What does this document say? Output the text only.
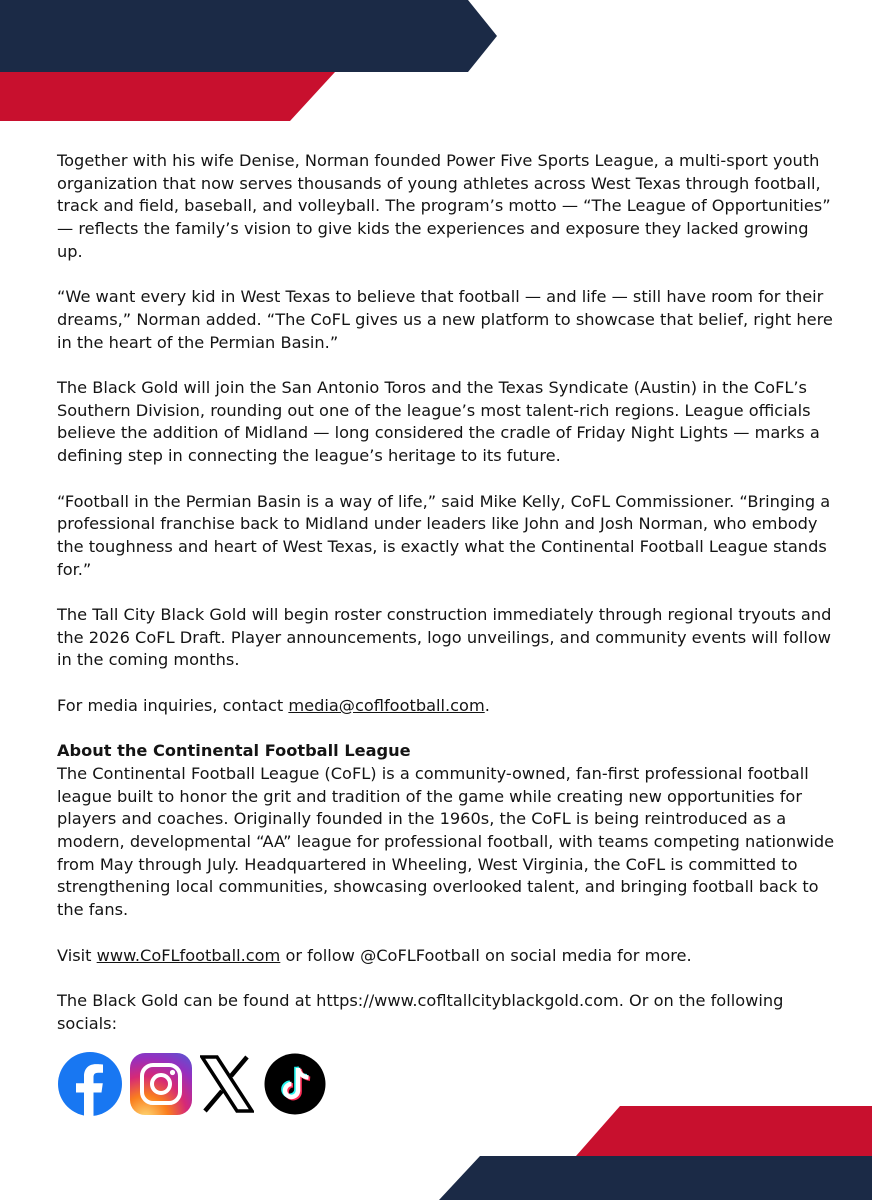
Together with his wife Denise, Norman founded Power Five Sports League, a multi-sport youth organization that now serves thousands of young athletes across West Texas through football, track and field, baseball, and volleyball. The program’s motto — “The League of Opportunities” — reflects the family’s vision to give kids the experiences and exposure they lacked growing up.

“We want every kid in West Texas to believe that football — and life — still have room for their dreams,” Norman added. “The CoFL gives us a new platform to showcase that belief, right here in the heart of the Permian Basin.”

The Black Gold will join the San Antonio Toros and the Texas Syndicate (Austin) in the CoFL’s Southern Division, rounding out one of the league’s most talent-rich regions. League officials believe the addition of Midland — long considered the cradle of Friday Night Lights — marks a defining step in connecting the league’s heritage to its future.

“Football in the Permian Basin is a way of life,” said Mike Kelly, CoFL Commissioner. “Bringing a professional franchise back to Midland under leaders like John and Josh Norman, who embody the toughness and heart of West Texas, is exactly what the Continental Football League stands for.”

The Tall City Black Gold will begin roster construction immediately through regional tryouts and the 2026 CoFL Draft. Player announcements, logo unveilings, and community events will follow in the coming months.

For media inquiries, contact media@coflfootball.com.

About the Continental Football League
The Continental Football League (CoFL) is a community-owned, fan-first professional football league built to honor the grit and tradition of the game while creating new opportunities for players and coaches. Originally founded in the 1960s, the CoFL is being reintroduced as a modern, developmental “AA” league for professional football, with teams competing nationwide from May through July. Headquartered in Wheeling, West Virginia, the CoFL is committed to strengthening local communities, showcasing overlooked talent, and bringing football back to the fans.

Visit www.CoFLfootball.com or follow @CoFLFootball on social media for more.

The Black Gold can be found at https://www.cofltallcityblackgold.com. Or on the following socials:
